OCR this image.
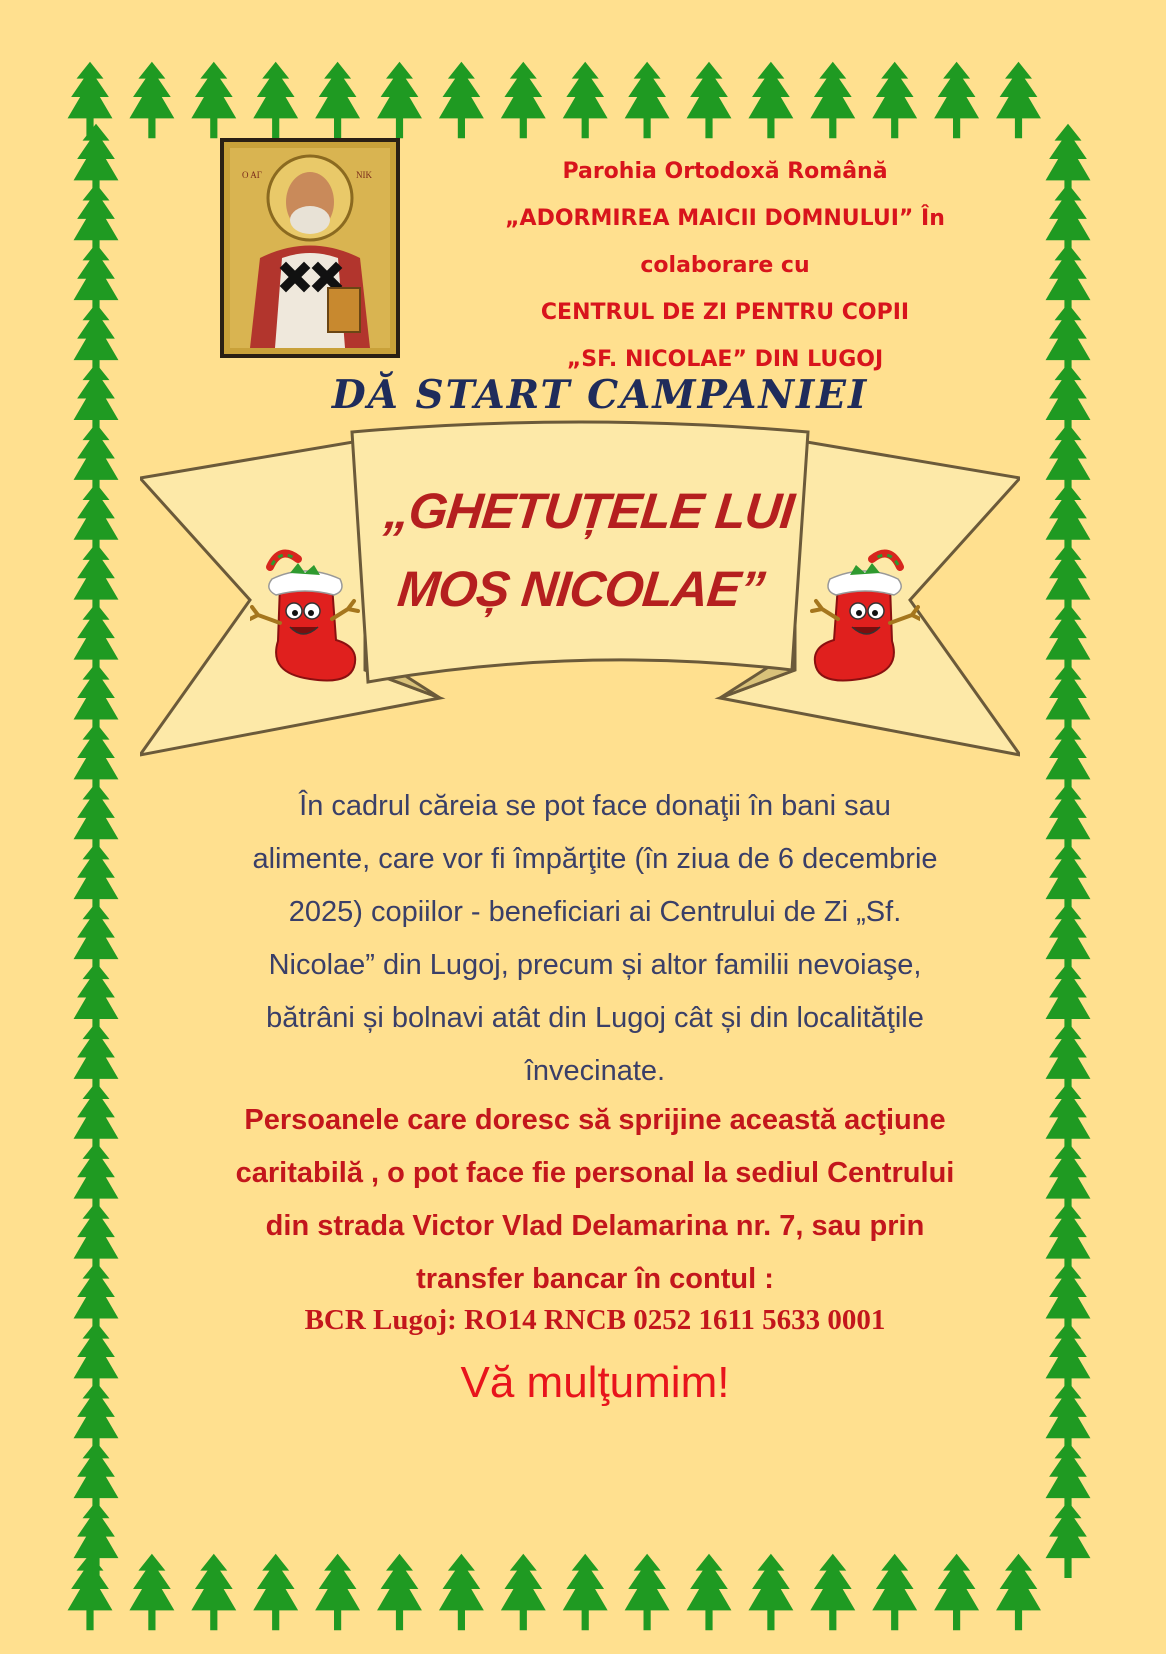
Ο ΑΓ	ΝΙΚ	Parohia Ortodoxă Română
„ADORMIREA MAICII DOMNULUI” În
colaborare cu
CENTRUL DE ZI PENTRU COPII
„SF. NICOLAE” DIN LUGOJ
DĂ START CAMPANIEI
„GHETUȚELE LUI
MOȘ NICOLAE”
În cadrul căreia se pot face donaţii în bani sau
alimente, care vor fi împărţite (în ziua de 6 decembrie
2025) copiilor - beneficiari ai Centrului de Zi „Sf.
Nicolae” din Lugoj, precum și altor familii nevoiaşe,
bătrâni și bolnavi atât din Lugoj cât și din localităţile
învecinate.
Persoanele care doresc să sprijine această acţiune
caritabilă , o pot face fie personal la sediul Centrului
din strada Victor Vlad Delamarina nr. 7, sau prin
transfer bancar în contul :
BCR Lugoj: RO14 RNCB 0252 1611 5633 0001
Vă mulţumim!
